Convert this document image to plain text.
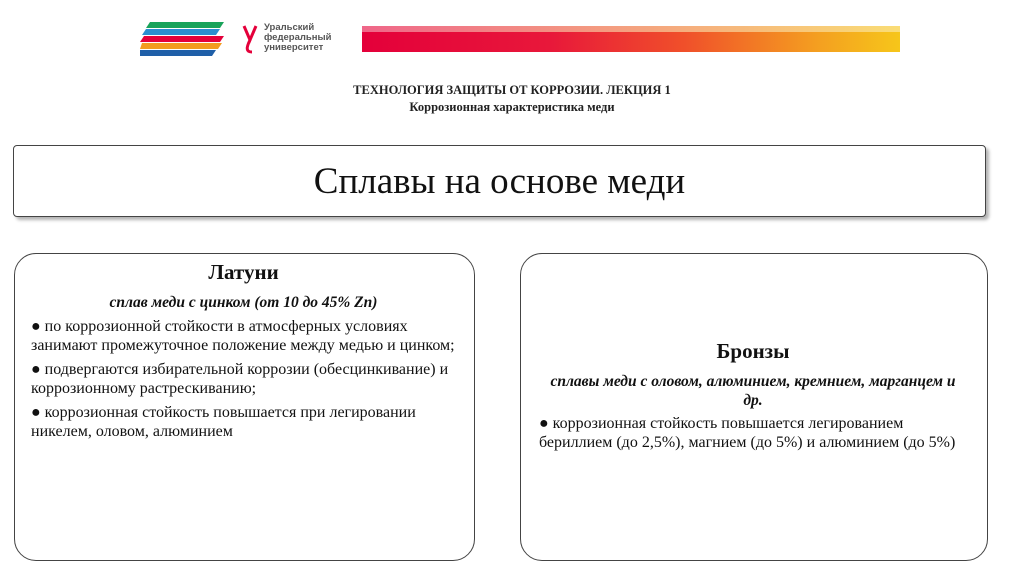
Уральский
федеральный
университет
ТЕХНОЛОГИЯ ЗАЩИТЫ ОТ КОРРОЗИИ. ЛЕКЦИЯ 1
Коррозионная характеристика меди
Сплавы на основе меди
Латуни
сплав меди с цинком (от 10 до 45% Zn)
● по коррозионной стойкости в атмосферных условиях занимают промежуточное положение между медью и цинком;
● подвергаются избирательной коррозии (обесцинкивание) и коррозионному растрескиванию;
● коррозионная стойкость повышается при легировании никелем, оловом, алюминием
Бронзы
сплавы меди с оловом, алюминием, кремнием, марганцем и др.
● коррозионная стойкость повышается легированием бериллием (до 2,5%), магнием (до 5%) и алюминием (до 5%)
